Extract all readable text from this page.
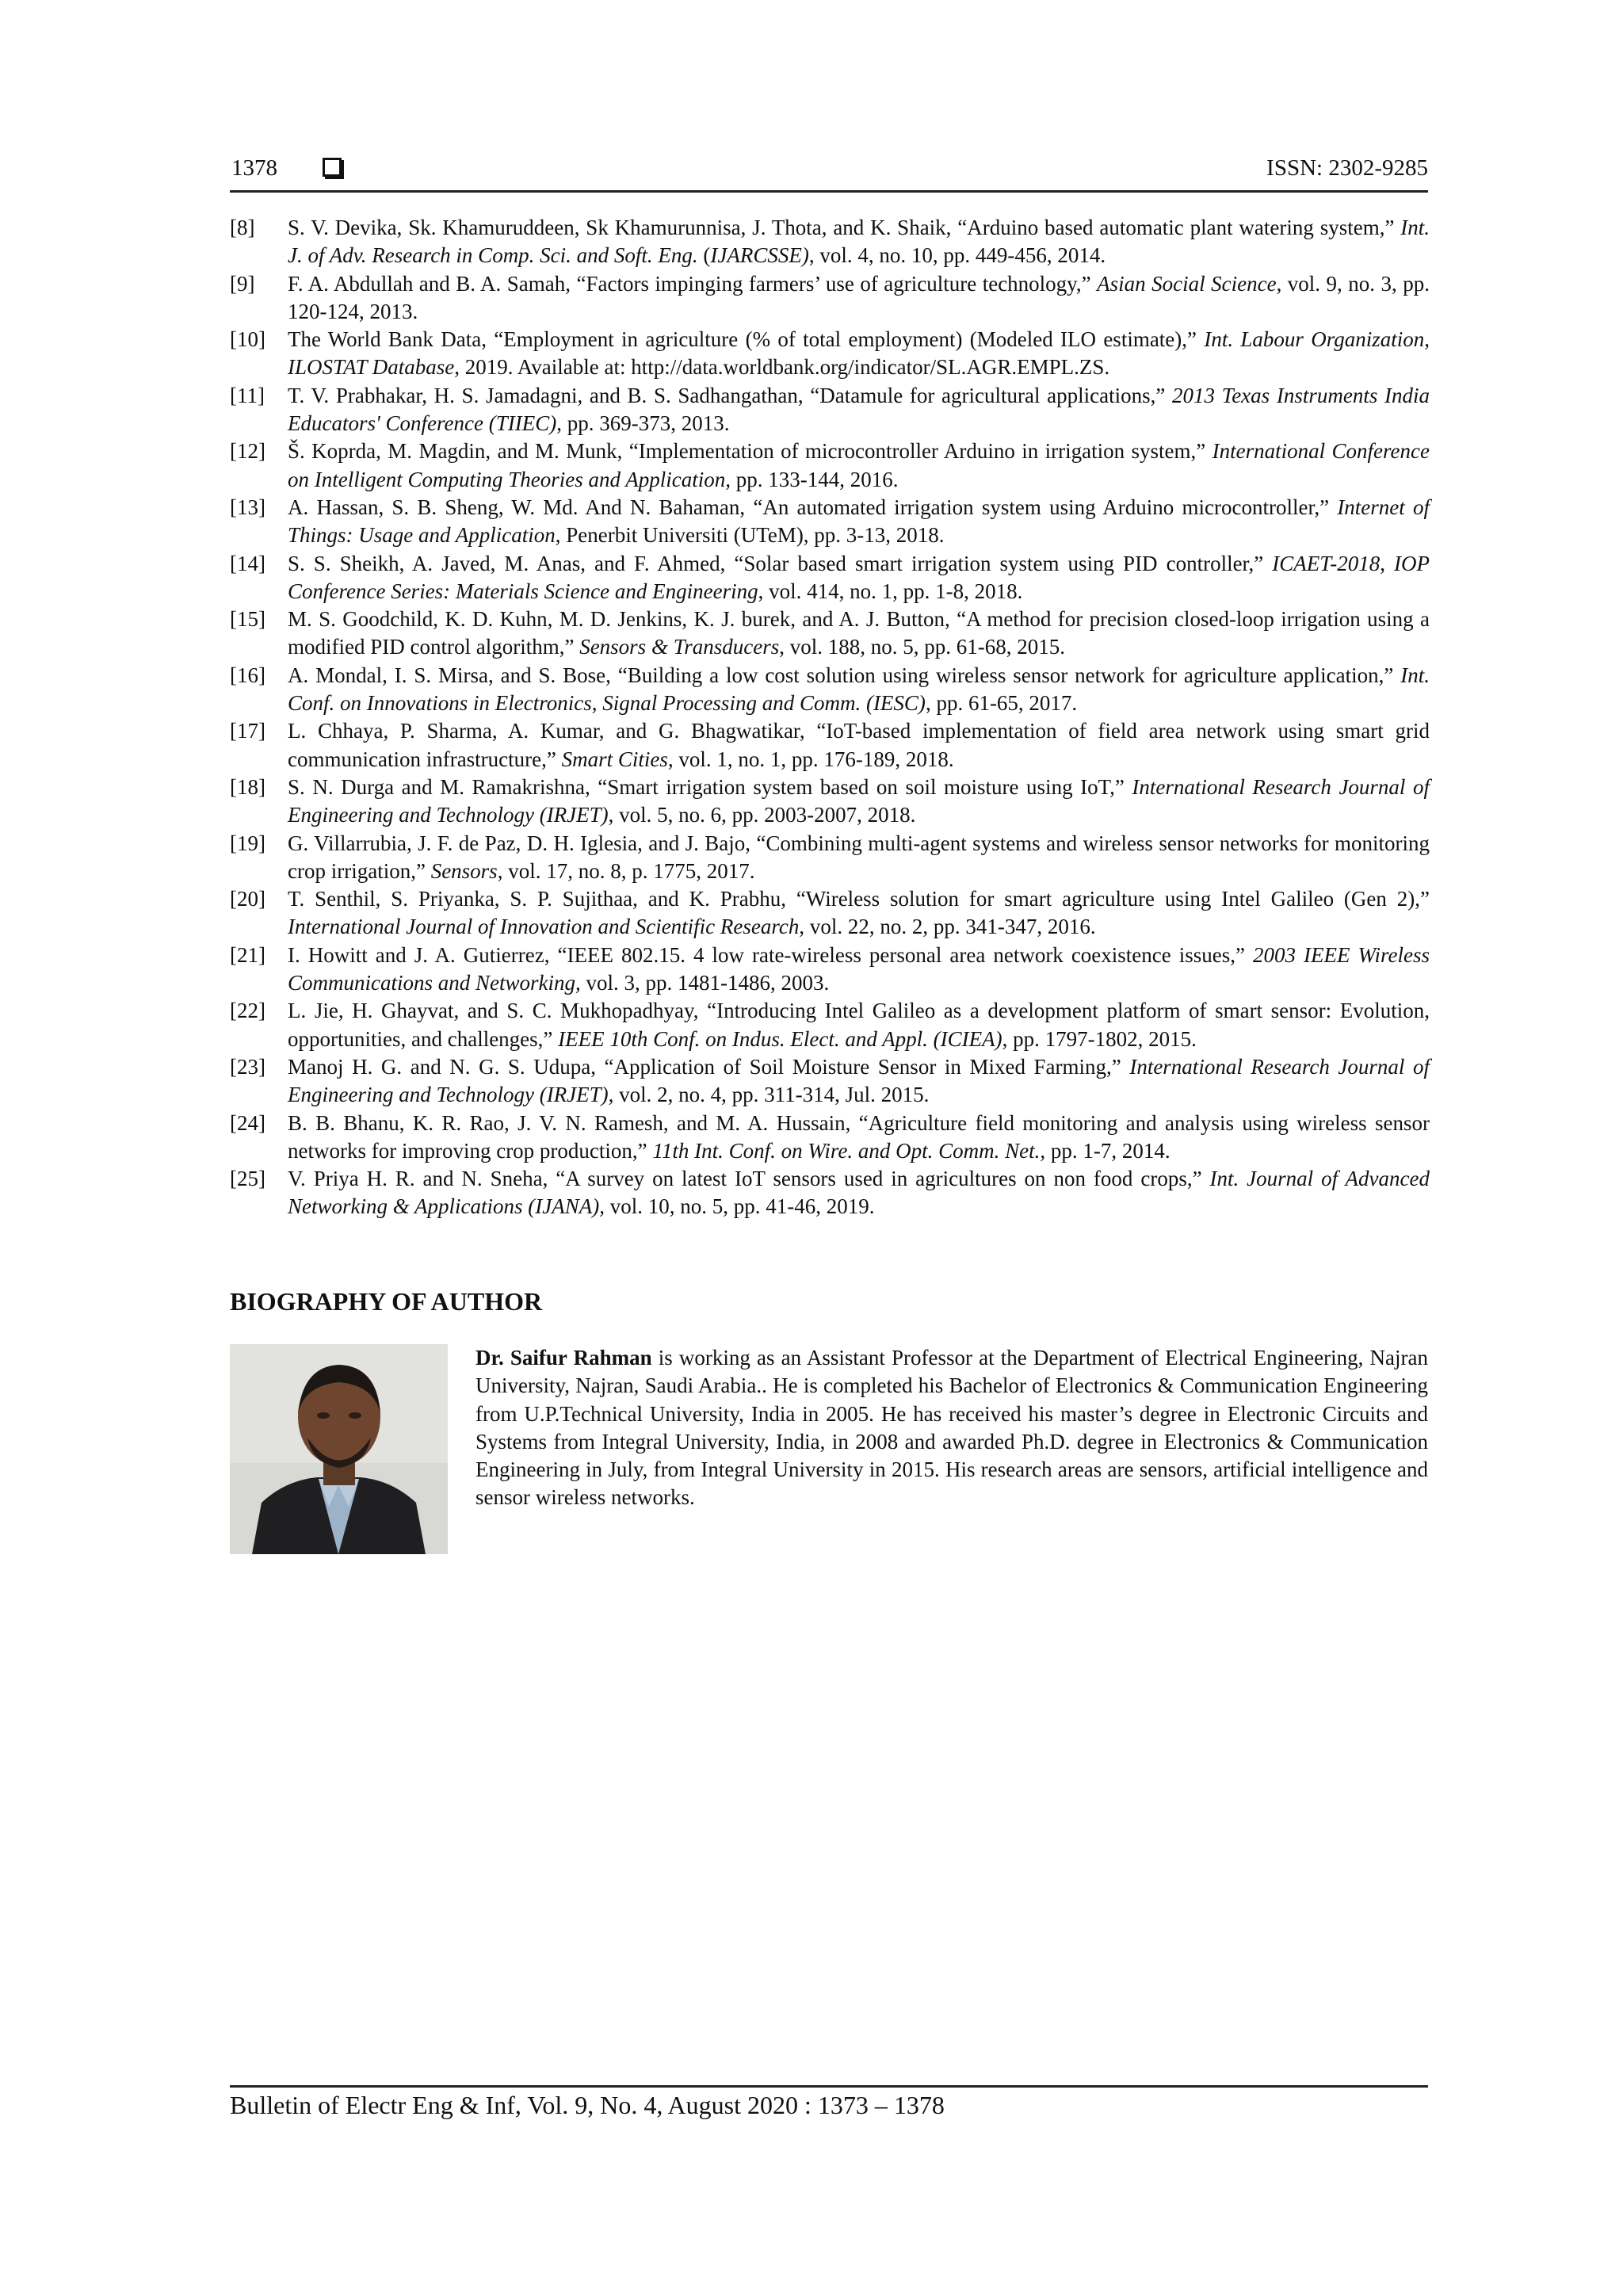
1378	ISSN: 2302-9285
[8]	S. V. Devika, Sk. Khamuruddeen, Sk Khamurunnisa, J. Thota, and K. Shaik, “Arduino based automatic plant watering system,” Int. J. of Adv. Research in Comp. Sci. and Soft. Eng. (IJARCSSE), vol. 4, no. 10, pp. 449-456, 2014.
[9]	F. A. Abdullah and B. A. Samah, “Factors impinging farmers’ use of agriculture technology,” Asian Social Science, vol. 9, no. 3, pp. 120-124, 2013.
[10]	The World Bank Data, “Employment in agriculture (% of total employment) (Modeled ILO estimate),” Int. Labour Organization, ILOSTAT Database, 2019. Available at: http://data.worldbank.org/indicator/SL.AGR.EMPL.ZS.
[11]	T. V. Prabhakar, H. S. Jamadagni, and B. S. Sadhangathan, “Datamule for agricultural applications,” 2013 Texas Instruments India Educators' Conference (TIIEC), pp. 369-373, 2013.
[12]	Š. Koprda, M. Magdin, and M. Munk, “Implementation of microcontroller Arduino in irrigation system,” International Conference on Intelligent Computing Theories and Application, pp. 133-144, 2016.
[13]	A. Hassan, S. B. Sheng, W. Md. And N. Bahaman, “An automated irrigation system using Arduino microcontroller,” Internet of Things: Usage and Application, Penerbit Universiti (UTeM), pp. 3-13, 2018.
[14]	S. S. Sheikh, A. Javed, M. Anas, and F. Ahmed, “Solar based smart irrigation system using PID controller,” ICAET-2018, IOP Conference Series: Materials Science and Engineering, vol. 414, no. 1, pp. 1-8, 2018.
[15]	M. S. Goodchild, K. D. Kuhn, M. D. Jenkins, K. J. burek, and A. J. Button, “A method for precision closed-loop irrigation using a modified PID control algorithm,” Sensors & Transducers, vol. 188, no. 5, pp. 61-68, 2015.
[16]	A. Mondal, I. S. Mirsa, and S. Bose, “Building a low cost solution using wireless sensor network for agriculture application,” Int. Conf. on Innovations in Electronics, Signal Processing and Comm. (IESC), pp. 61-65, 2017.
[17]	L. Chhaya, P. Sharma, A. Kumar, and G. Bhagwatikar, “IoT-based implementation of field area network using smart grid communication infrastructure,” Smart Cities, vol. 1, no. 1, pp. 176-189, 2018.
[18]	S. N. Durga and M. Ramakrishna, “Smart irrigation system based on soil moisture using IoT,” International Research Journal of Engineering and Technology (IRJET), vol. 5, no. 6, pp. 2003-2007, 2018.
[19]	G. Villarrubia, J. F. de Paz, D. H. Iglesia, and J. Bajo, “Combining multi-agent systems and wireless sensor networks for monitoring crop irrigation,” Sensors, vol. 17, no. 8, p. 1775, 2017.
[20]	T. Senthil, S. Priyanka, S. P. Sujithaa, and K. Prabhu, “Wireless solution for smart agriculture using Intel Galileo (Gen 2),” International Journal of Innovation and Scientific Research, vol. 22, no. 2, pp. 341-347, 2016.
[21]	I. Howitt and J. A. Gutierrez, “IEEE 802.15. 4 low rate-wireless personal area network coexistence issues,” 2003 IEEE Wireless Communications and Networking, vol. 3, pp. 1481-1486, 2003.
[22]	L. Jie, H. Ghayvat, and S. C. Mukhopadhyay, “Introducing Intel Galileo as a development platform of smart sensor: Evolution, opportunities, and challenges,” IEEE 10th Conf. on Indus. Elect. and Appl. (ICIEA), pp. 1797-1802, 2015.
[23]	Manoj H. G. and N. G. S. Udupa, “Application of Soil Moisture Sensor in Mixed Farming,” International Research Journal of Engineering and Technology (IRJET), vol. 2, no. 4, pp. 311-314, Jul. 2015.
[24]	B. B. Bhanu, K. R. Rao, J. V. N. Ramesh, and M. A. Hussain, “Agriculture field monitoring and analysis using wireless sensor networks for improving crop production,” 11th Int. Conf. on Wire. and Opt. Comm. Net., pp. 1-7, 2014.
[25]	V. Priya H. R. and N. Sneha, “A survey on latest IoT sensors used in agricultures on non food crops,” Int. Journal of Advanced Networking & Applications (IJANA), vol. 10, no. 5, pp. 41-46, 2019.
BIOGRAPHY OF AUTHOR
Dr. Saifur Rahman is working as an Assistant Professor at the Department of Electrical Engineering, Najran University, Najran, Saudi Arabia.. He is completed his Bachelor of Electronics & Communication Engineering from U.P.Technical University, India in 2005. He has received his master’s degree in Electronic Circuits and Systems from Integral University, India, in 2008 and awarded Ph.D. degree in Electronics & Communication Engineering in July, from Integral University in 2015. His research areas are sensors, artificial intelligence and sensor wireless networks.
Bulletin of Electr Eng & Inf, Vol. 9, No. 4, August 2020 : 1373 – 1378
